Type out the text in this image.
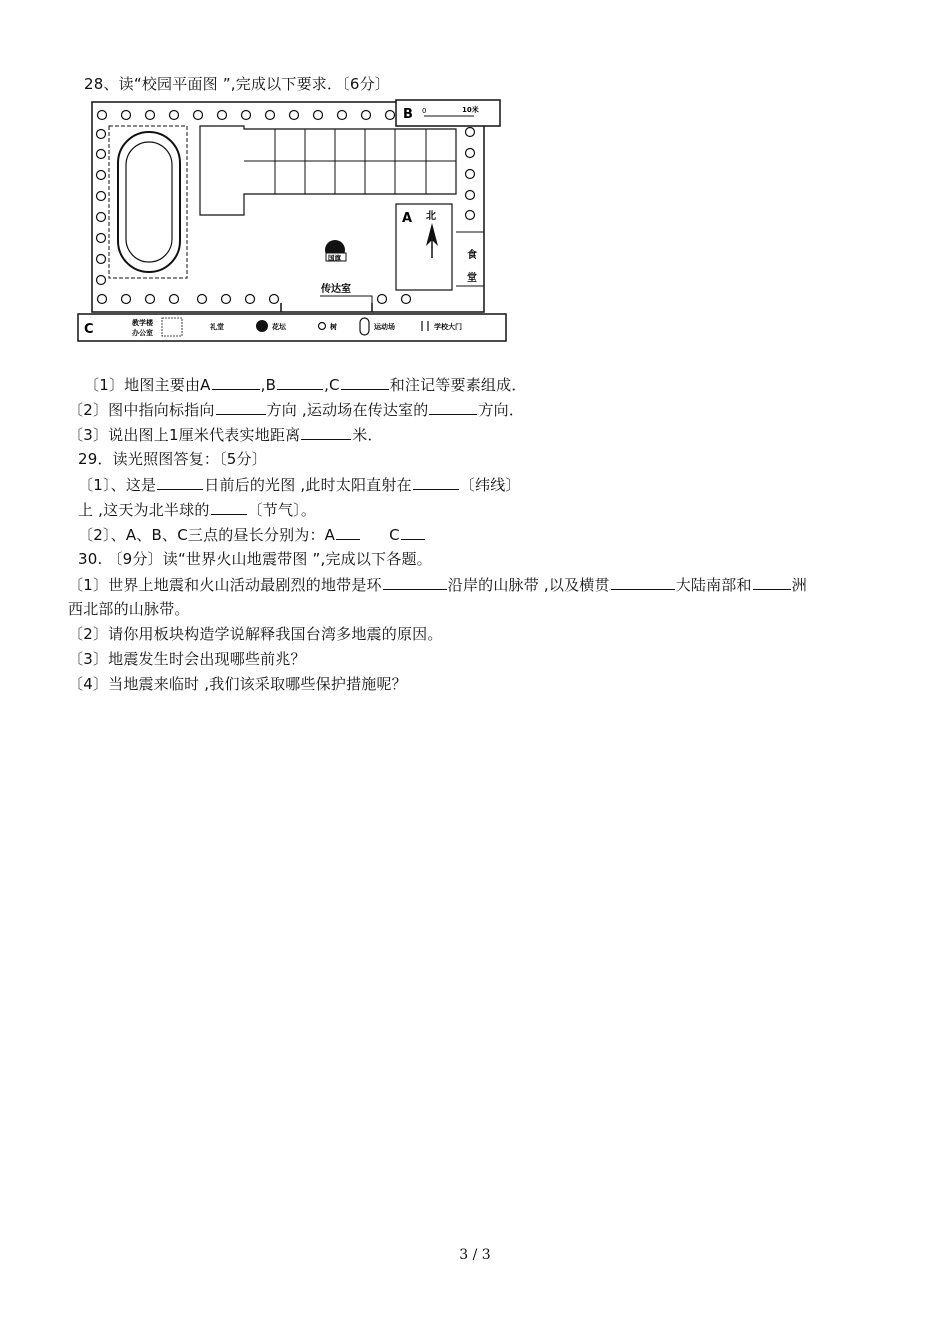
28、读“校园平面图 ”,完成以下要求．〔6分〕
A 北
食
堂
国旗
传达室
B 0	10米
C	教学楼
办公室
礼堂	花坛	树	运动场	学校大门
〔1〕地图主要由A	,B	,C	和注记等要素组成．
〔2〕图中指向标指向	方向 ,运动场在传达室的	方向．
〔3〕说出图上1厘米代表实地距离	米．
29．读光照图答复：〔5分〕
〔1〕、这是	日前后的光图 ,此时太阳直射在	〔纬线〕
上 ,这天为北半球的	〔节气〕。
〔2〕、A、B、C三点的昼长分别为：A	C
30. 〔9分〕读“世界火山地震带图 ”,完成以下各题。
〔1〕世界上地震和火山活动最剧烈的地带是环	沿岸的山脉带 ,以及横贯	大陆南部和	洲
西北部的山脉带。
〔2〕请你用板块构造学说解释我国台湾多地震的原因。
〔3〕地震发生时会出现哪些前兆？
〔4〕当地震来临时 ,我们该采取哪些保护措施呢？
3 / 3
